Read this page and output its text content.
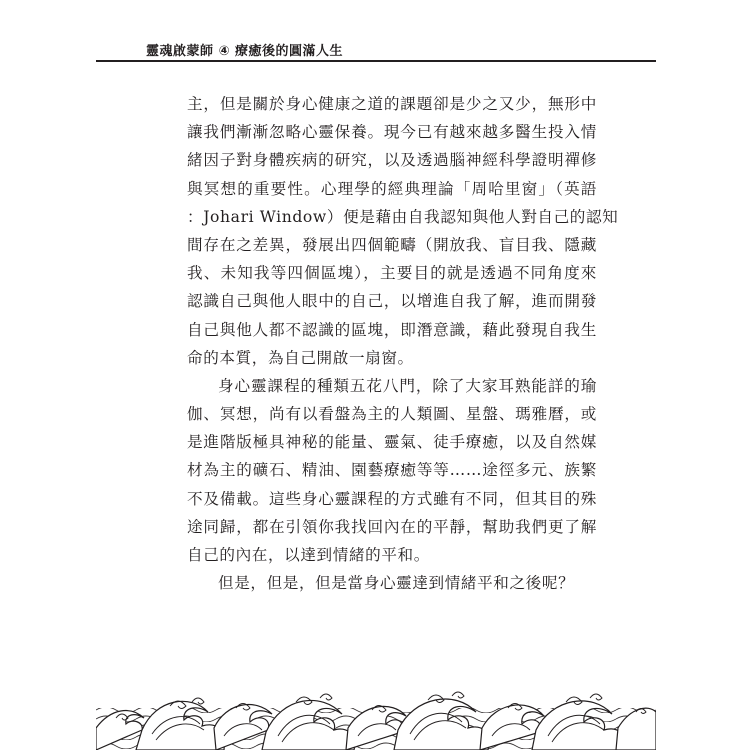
靈魂啟蒙師 ④ 療癒後的圓滿人生
主，但是關於身心健康之道的課題卻是少之又少，無形中
讓我們漸漸忽略心靈保養。現今已有越來越多醫生投入情
緒因子對身體疾病的研究，以及透過腦神經科學證明禪修
與冥想的重要性。心理學的經典理論「周哈里窗」（英語
：Johari Window）便是藉由自我認知與他人對自己的認知
間存在之差異，發展出四個範疇（開放我、盲目我、隱藏
我、未知我等四個區塊），主要目的就是透過不同角度來
認識自己與他人眼中的自己，以增進自我了解，進而開發
自己與他人都不認識的區塊，即潛意識，藉此發現自我生
命的本質，為自己開啟一扇窗。
身心靈課程的種類五花八門，除了大家耳熟能詳的瑜
伽、冥想，尚有以看盤為主的人類圖、星盤、瑪雅曆，或
是進階版極具神秘的能量、靈氣、徒手療癒，以及自然媒
材為主的礦石、精油、園藝療癒等等……途徑多元、族繁
不及備載。這些身心靈課程的方式雖有不同，但其目的殊
途同歸，都在引領你我找回內在的平靜，幫助我們更了解
自己的內在，以達到情緒的平和。
但是，但是，但是當身心靈達到情緒平和之後呢？
